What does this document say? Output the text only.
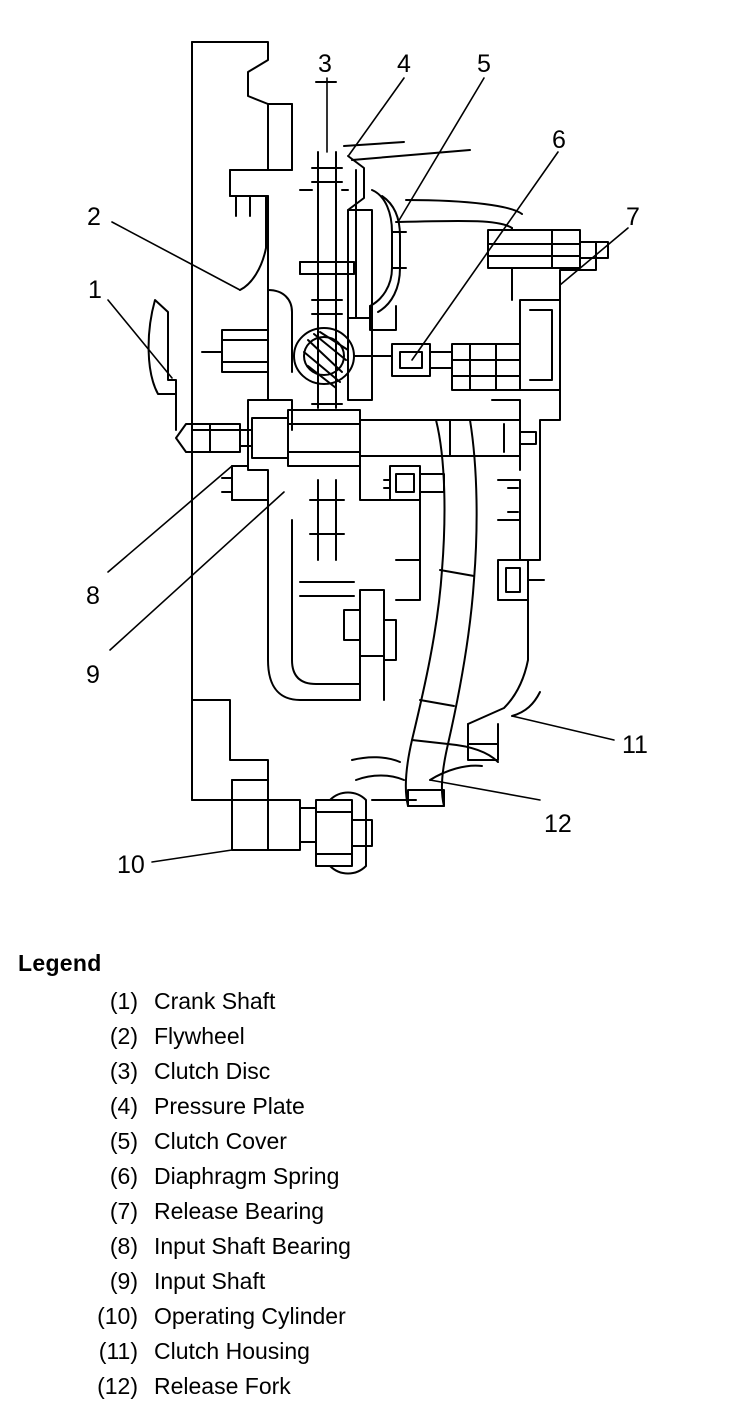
1
2
3	4	5
6
7
8
9
10
11
12
Legend
(1) Crank Shaft
(2) Flywheel
(3) Clutch Disc
(4) Pressure Plate
(5) Clutch Cover
(6) Diaphragm Spring
(7) Release Bearing
(8) Input Shaft Bearing
(9) Input Shaft
(10) Operating Cylinder
(11) Clutch Housing
(12) Release Fork
